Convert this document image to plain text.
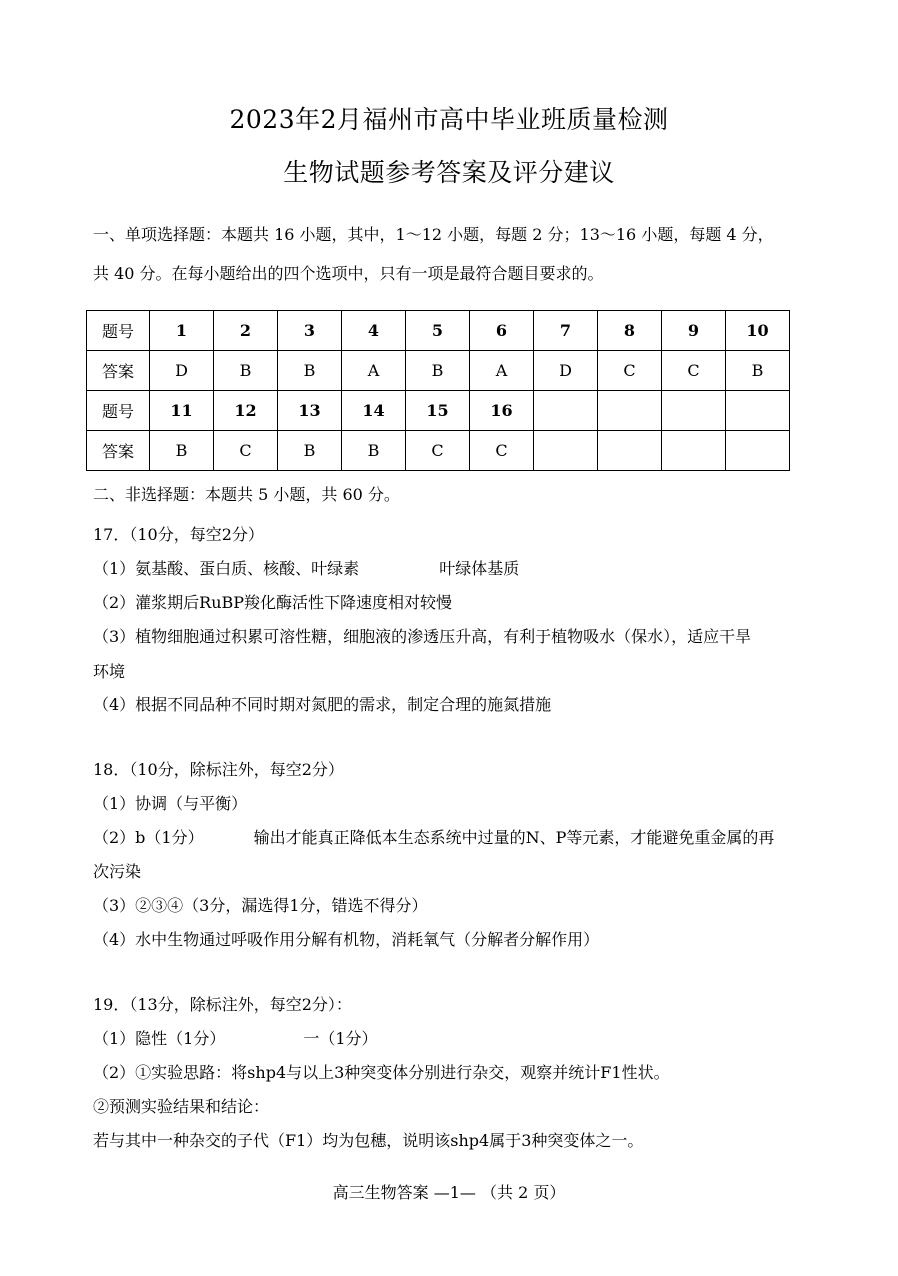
2023年2月福州市高中毕业班质量检测
生物试题参考答案及评分建议
一、单项选择题：本题共 16 小题，其中，1～12 小题，每题 2 分；13～16 小题，每题 4 分，
共 40 分。在每小题给出的四个选项中，只有一项是最符合题目要求的。
题号	1	2	3	4	5	6	7	8	9	10
答案	D	B	B	A	B	A	D	C	C	B
题号	11	12	13	14	15	16				
答案	B	C	B	B	C	C				
二、非选择题：本题共 5 小题，共 60 分。
17．（10分，每空2分）
（1）氨基酸、蛋白质、核酸、叶绿素	叶绿体基质
（2）灌浆期后RuBP羧化酶活性下降速度相对较慢
（3）植物细胞通过积累可溶性糖，细胞液的渗透压升高，有利于植物吸水（保水），适应干旱
环境
（4）根据不同品种不同时期对氮肥的需求，制定合理的施氮措施
18．（10分，除标注外，每空2分）
（1）协调（与平衡）
（2）b（1分）	输出才能真正降低本生态系统中过量的N、P等元素，才能避免重金属的再
次污染
（3）②③④（3分，漏选得1分，错选不得分）
（4）水中生物通过呼吸作用分解有机物，消耗氧气（分解者分解作用）
19．（13分，除标注外，每空2分）：
（1）隐性（1分）	一（1分）
（2）①实验思路：将shp4与以上3种突变体分别进行杂交，观察并统计F1性状。
②预测实验结果和结论：
若与其中一种杂交的子代（F1）均为包穗，说明该shp4属于3种突变体之一。
高三生物答案 —1— （共 2 页）
